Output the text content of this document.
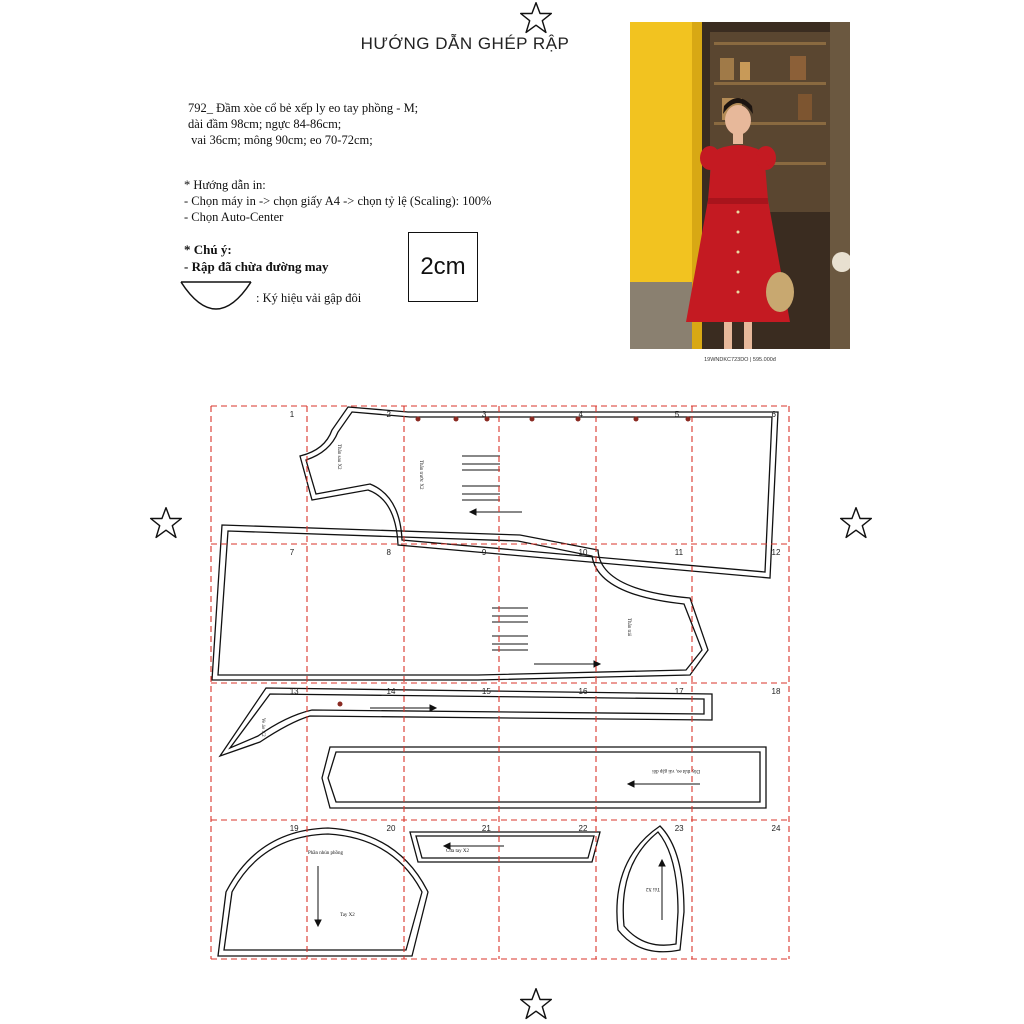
HƯỚNG DẪN GHÉP RẬP
792_ Đầm xòe cổ bẻ xếp ly eo tay phồng - M;
dài đầm 98cm; ngực 84-86cm;
vai 36cm; mông 90cm; eo 70-72cm;
* Hướng dẫn in:
- Chọn máy in -> chọn giấy A4 -> chọn tỷ lệ (Scaling): 100%
- Chọn Auto-Center
* Chú ý:
- Rập đã chừa đường may	2cm
: Ký hiệu vải gập đôi
19WNDKC723DO | 595.000đ
Thân sau X2
Thân trước X2
Thân trái
Ve áo X2
Dây thắt eo, vải gập đôi
Phần nhún phồng
Tay X2
Cửa tay X2
Túi X2
1	2	3	4	5	6
7	8	9	10	11	12
13	14	15	16	17	18
19	20	21	22	23	24
